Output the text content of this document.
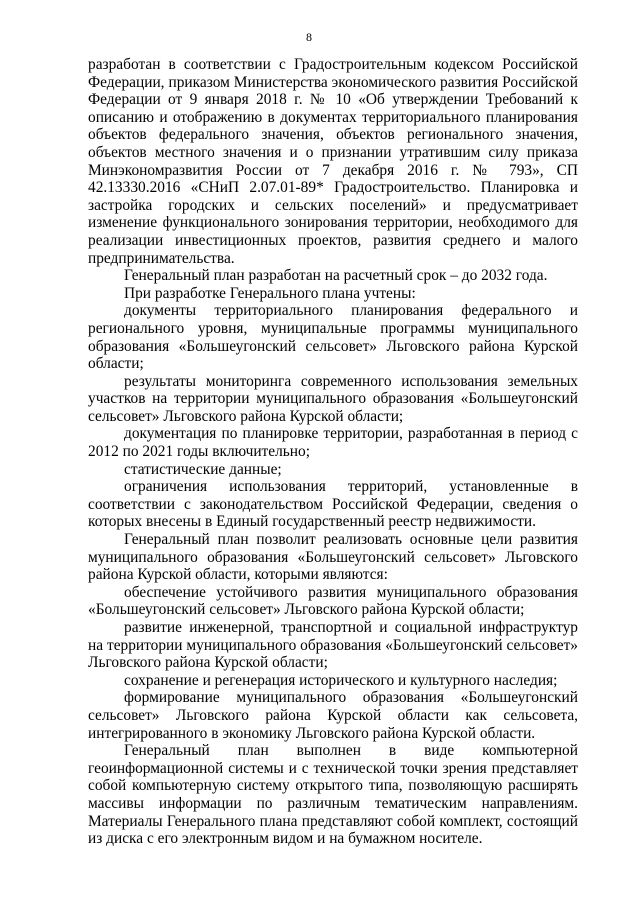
8

разработан в соответствии с Градостроительным кодексом Российской Федерации, приказом Министерства экономического развития Российской Федерации от 9 января 2018 г. № 10 «Об утверждении Требований к описанию и отображению в документах территориального планирования объектов федерального значения, объектов регионального значения, объектов местного значения и о признании утратившим силу приказа Минэкономразвития России от 7 декабря 2016 г. № 793», СП 42.13330.2016 «СНиП 2.07.01-89* Градостроительство. Планировка и застройка городских и сельских поселений» и предусматривает изменение функционального зонирования территории, необходимого для реализации инвестиционных проектов, развития среднего и малого предпринимательства.

Генеральный план разработан на расчетный срок – до 2032 года.

При разработке Генерального плана учтены:

документы территориального планирования федерального и регионального уровня, муниципальные программы муниципального образования «Большеугонский сельсовет» Льговского района Курской области;

результаты мониторинга современного использования земельных участков на территории муниципального образования «Большеугонский сельсовет» Льговского района Курской области;

документация по планировке территории, разработанная в период с 2012 по 2021 годы включительно;

статистические данные;

ограничения использования территорий, установленные в соответствии с законодательством Российской Федерации, сведения о которых внесены в Единый государственный реестр недвижимости.

Генеральный план позволит реализовать основные цели развития муниципального образования «Большеугонский сельсовет» Льговского района Курской области, которыми являются:

обеспечение устойчивого развития муниципального образования «Большеугонский сельсовет» Льговского района Курской области;

развитие инженерной, транспортной и социальной инфраструктур на территории муниципального образования «Большеугонский сельсовет» Льговского района Курской области;

сохранение и регенерация исторического и культурного наследия;

формирование муниципального образования «Большеугонский сельсовет» Льговского района Курской области как сельсовета, интегрированного в экономику Льговского района Курской области.

Генеральный план выполнен в виде компьютерной геоинформационной системы и с технической точки зрения представляет собой компьютерную систему открытого типа, позволяющую расширять массивы информации по различным тематическим направлениям. Материалы Генерального плана представляют собой комплект, состоящий из диска с его электронным видом и на бумажном носителе.
